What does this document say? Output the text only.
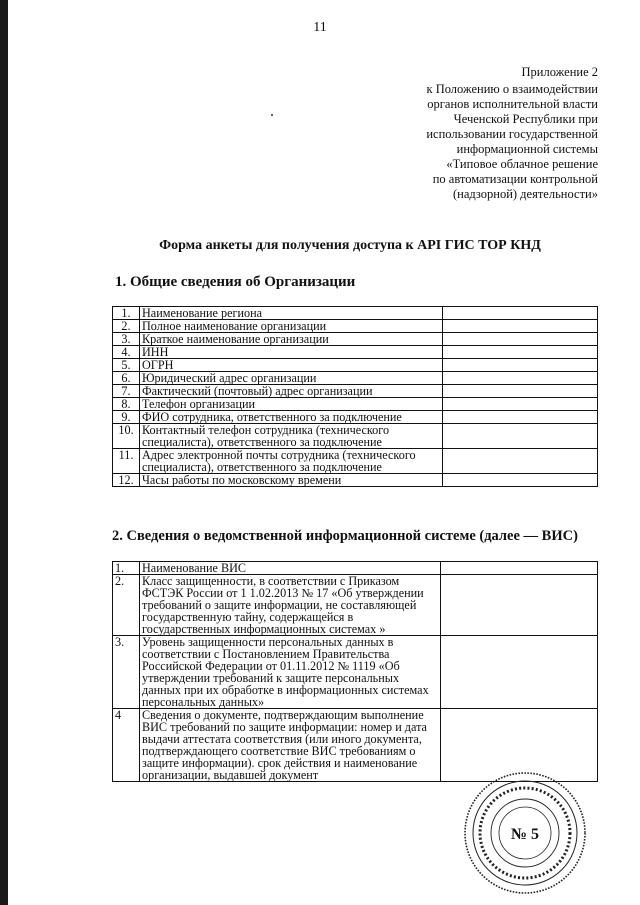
11
Приложение 2
к Положению о взаимодействии
органов исполнительной власти
Чеченской Республики при
использовании государственной
информационной системы
«Типовое облачное решение
по автоматизации контрольной
(надзорной) деятельности»
Форма анкеты для получения доступа к API ГИС ТОР КНД
1. Общие сведения об Организации
1.	Наименование региона	
2.	Полное наименование организации	
3.	Краткое наименование организации	
4.	ИНН	
5.	ОГРН	
6.	Юридический адрес организации	
7.	Фактический (почтовый) адрес организации	
8.	Телефон организации	
9.	ФИО сотрудника, ответственного за подключение	
10.	Контактный телефон сотрудника (технического специалиста), ответственного за подключение	
11.	Адрес электронной почты сотрудника (технического специалиста), ответственного за подключение	
12.	Часы работы по московскому времени	
2. Сведения о ведомственной информационной системе (далее — ВИС)
1.	Наименование ВИС	
2.	Класс защищенности, в соответствии с Приказом ФСТЭК России от 1 1.02.2013 № 17 «Об утверждении требований о защите информации, не составляющей государственную тайну, содержащейся в государственных информационных системах »	
3.	Уровень защищенности персональных данных в соответствии с Постановлением Правительства Российской Федерации от 01.11.2012 № 1119 «Об утверждении требований к защите персональных данных при их обработке в информационных системах персональных данных»	
4	Сведения о документе, подтверждающим выполнение ВИС требований по защите информации: номер и дата выдачи аттестата соответствия (или иного документа, подтверждающего соответствие ВИС требованиям о защите информации). срок действия и наименование организации, выдавшей документ	
№ 5
